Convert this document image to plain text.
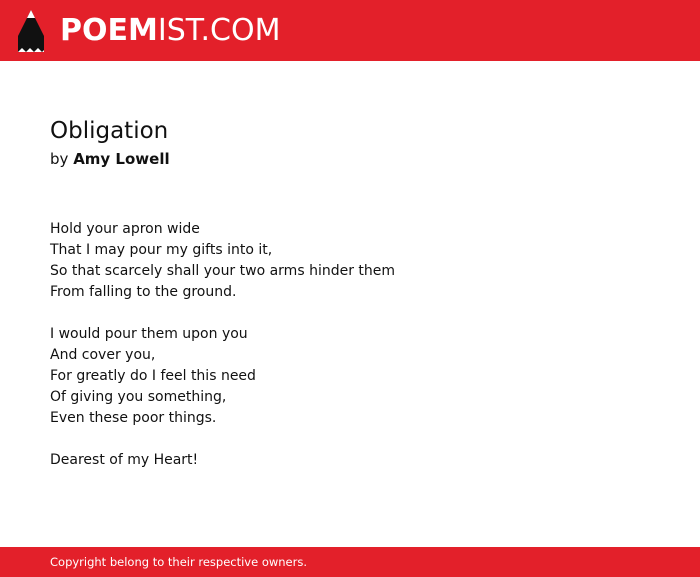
POEMIST.COM
Obligation
by Amy Lowell

Hold your apron wide
That I may pour my gifts into it,
So that scarcely shall your two arms hinder them
From falling to the ground.

I would pour them upon you
And cover you,
For greatly do I feel this need
Of giving you something,
Even these poor things.

Dearest of my Heart!

Copyright belong to their respective owners.
